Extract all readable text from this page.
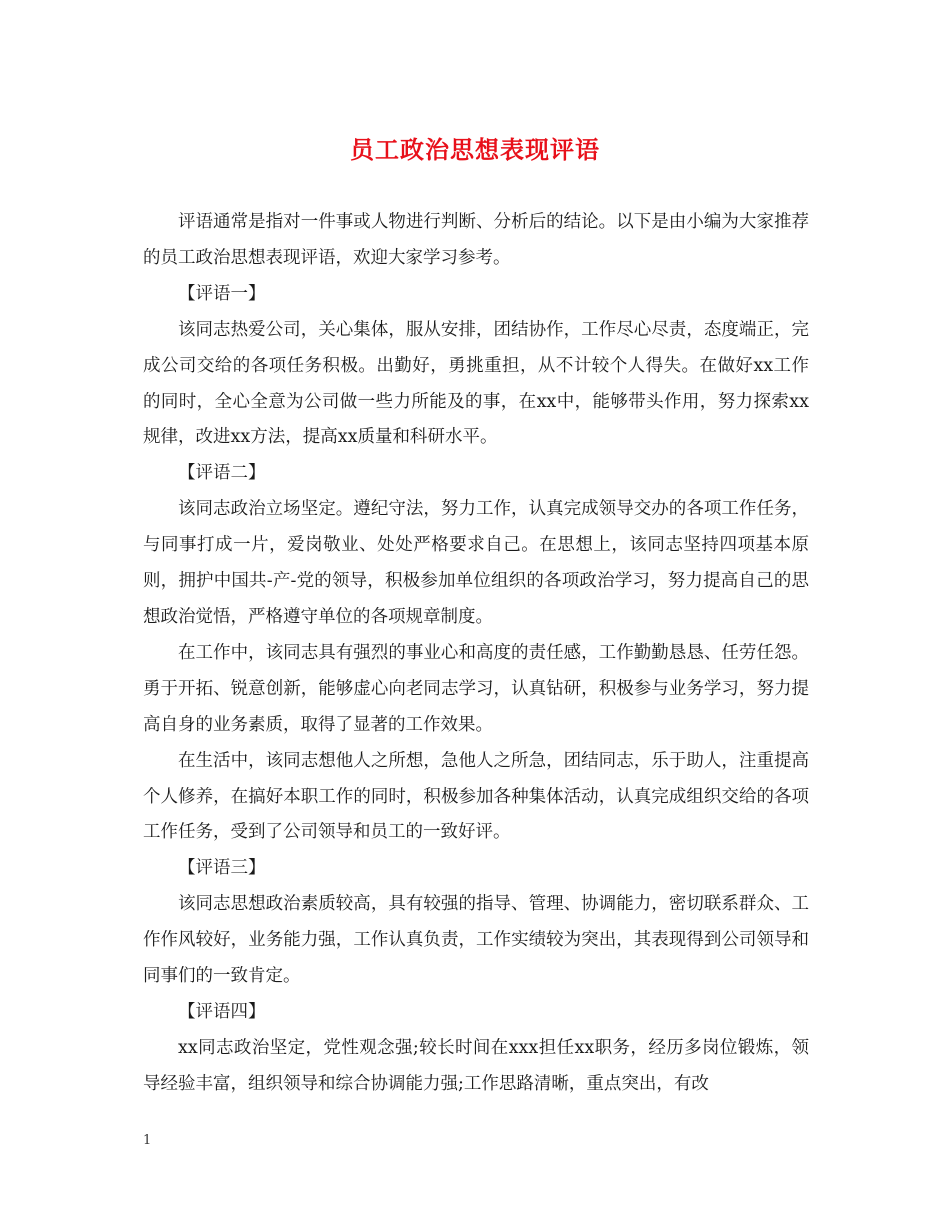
员工政治思想表现评语

评语通常是指对一件事或人物进行判断、分析后的结论。以下是由小编为大家推荐的员工政治思想表现评语，欢迎大家学习参考。

【评语一】

该同志热爱公司，关心集体，服从安排，团结协作，工作尽心尽责，态度端正，完成公司交给的各项任务积极。出勤好，勇挑重担，从不计较个人得失。在做好xx工作的同时，全心全意为公司做一些力所能及的事，在xx中，能够带头作用，努力探索xx规律，改进xx方法，提高xx质量和科研水平。

【评语二】

该同志政治立场坚定。遵纪守法，努力工作，认真完成领导交办的各项工作任务，与同事打成一片，爱岗敬业、处处严格要求自己。在思想上，该同志坚持四项基本原则，拥护中国共-产-党的领导，积极参加单位组织的各项政治学习，努力提高自己的思想政治觉悟，严格遵守单位的各项规章制度。

在工作中，该同志具有强烈的事业心和高度的责任感，工作勤勤恳恳、任劳任怨。勇于开拓、锐意创新，能够虚心向老同志学习，认真钻研，积极参与业务学习，努力提高自身的业务素质，取得了显著的工作效果。

在生活中，该同志想他人之所想，急他人之所急，团结同志，乐于助人，注重提高个人修养，在搞好本职工作的同时，积极参加各种集体活动，认真完成组织交给的各项工作任务，受到了公司领导和员工的一致好评。

【评语三】

该同志思想政治素质较高，具有较强的指导、管理、协调能力，密切联系群众、工作作风较好，业务能力强，工作认真负责，工作实绩较为突出，其表现得到公司领导和同事们的一致肯定。

【评语四】

xx同志政治坚定，党性观念强;较长时间在xxx担任xx职务，经历多岗位锻炼，领导经验丰富，组织领导和综合协调能力强;工作思路清晰，重点突出，有改

1
